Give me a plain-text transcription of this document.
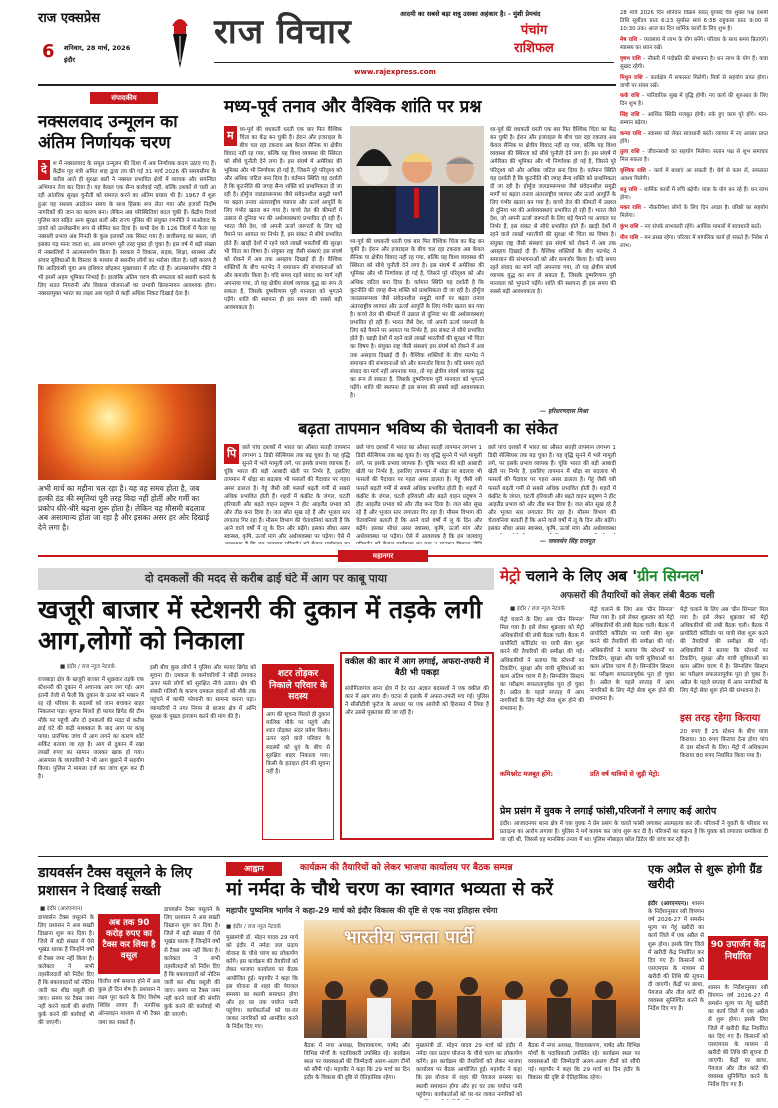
राज एक्सप्रेस
6 शनिवार, 28 मार्च, 2026
इंदौर
राज विचार	आदमी का सबसे बड़ा शत्रु उसका अहंकार है। - मुंशी प्रेमचंद
www.rajexpress.com
पंचांग
राशिफल
28 मार्च 2026 दिन शनिवार विक्रम संवत् युगाब्द चैत्र शुक्ल पक्ष दशमी तिथि सूर्योदय प्रातः 6:23 सूर्यास्त सायं 6:38 राहुकाल प्रातः 9:00 से 10:30 तक। आज का दिन धार्मिक कार्यों के लिए शुभ है।
मेष राशि – व्यवसाय में लाभ के योग बनेंगे। परिवार के साथ समय बिताएंगे। स्वास्थ्य का ध्यान रखें।
वृषभ राशि – नौकरी में पदोन्नति की संभावना है। धन लाभ के योग हैं। यात्रा सुखद रहेगी।
मिथुन राशि – कार्यक्षेत्र में सफलता मिलेगी। मित्रों से सहयोग प्राप्त होगा। वाणी पर संयम रखें।
कर्क राशि – पारिवारिक सुख में वृद्धि होगी। नए कार्य की शुरुआत के लिए दिन शुभ है।
सिंह राशि – आर्थिक स्थिति मजबूत होगी। रुके हुए काम पूरे होंगे। मान-सम्मान बढ़ेगा।
कन्या राशि – स्वास्थ्य को लेकर सावधानी बरतें। व्यापार में नए अवसर प्राप्त होंगे।
तुला राशि – जीवनसाथी का सहयोग मिलेगा। संतान पक्ष से शुभ समाचार मिल सकता है।
वृश्चिक राशि – कार्य में बाधाएं आ सकती हैं। धैर्य से काम लें, सफलता अवश्य मिलेगी।
धनु राशि – धार्मिक कार्यों में रुचि बढ़ेगी। यात्रा के योग बन रहे हैं। धन लाभ होगा।
मकर राशि – नौकरीपेशा लोगों के लिए दिन अच्छा है। वरिष्ठों का सहयोग मिलेगा।
कुंभ राशि – नए संपर्क लाभकारी रहेंगे। आर्थिक मामलों में सावधानी बरतें।
मीन राशि – मन प्रसन्न रहेगा। परिवार में मांगलिक कार्य हो सकते हैं। निवेश से लाभ।
संपादकीय
नक्सलवाद उन्मूलन का अंतिम निर्णायक चरण
दे	श में नक्सलवाद के समूल उन्मूलन की दिशा में अब निर्णायक कदम उठाए गए हैं। केंद्रीय गृह मंत्री अमित शाह द्वारा तय की गई 31 मार्च 2026 की समयसीमा के करीब आते ही सुरक्षा बलों ने नक्सल प्रभावित क्षेत्रों में व्यापक और समन्वित अभियान तेज कर दिया है। यह केवल एक सैन्य कार्रवाई नहीं, बल्कि दशकों से चली आ रही आंतरिक सुरक्षा चुनौती को समाप्त करने का अंतिम प्रयास भी है। 1967 में शुरू हुआ यह सशस्त्र आंदोलन समय के साथ हिंसक रूप लेता गया और हजारों निर्दोष नागरिकों की जान का कारण बना। लेकिन अब परिस्थितियां बदल चुकी हैं। केंद्रीय रिजर्व पुलिस बल सहित अन्य सुरक्षा बलों और राज्य पुलिस की संयुक्त रणनीति ने माओवाद के दायरे को उल्लेखनीय रूप से सीमित कर दिया है। कभी देश के 126 जिलों में फैला यह नक्सली प्रभाव अब गिनती के कुछ इलाकों तक सिमट गया है। छत्तीसगढ़ का बस्तर, जो इसका गढ़ माना जाता था, अब लगभग पूरी तरह मुक्त हो चुका है। इस वर्ष में बड़ी संख्या में नक्सलियों ने आत्मसमर्पण किया है। सरकार ने विकास, सड़क, शिक्षा, स्वास्थ्य और संचार सुविधाओं के विस्तार के माध्यम से स्थानीय लोगों का भरोसा जीता है। यही कारण है कि आदिवासी युवा अब हथियार छोड़कर मुख्यधारा में लौट रहे हैं। आत्मसमर्पण नीति ने भी इसमें अहम भूमिका निभाई है। हालांकि अंतिम चरण की सफलता को स्थायी बनाने के लिए सतत निगरानी और विकास योजनाओं का प्रभावी क्रियान्वयन आवश्यक होगा। नक्सलमुक्त भारत का लक्ष्य अब पहले से कहीं अधिक निकट दिखाई देता है।
अभी मार्च का महीना चल रहा है। यह वह समय होता है, जब हल्की ठंड की स्मृतियां पूरी तरह विदा नहीं होतीं और गर्मी का प्रकोप धीरे-धीरे बढ़ना शुरू होता है। लेकिन यह मौसमी बदलाव अब असामान्य होता जा रहा है और इसका असर हर ओर दिखाई देने लगा है।
मध्य-पूर्व तनाव और वैश्विक शांति पर प्रश्न
म	ध्य-पूर्व की धधकती धरती एक बार फिर वैश्विक चिंता का केंद्र बन चुकी है। ईरान और इजराइल के बीच चल रहा टकराव अब केवल सैनिक या क्षेत्रीय विवाद नहीं रह गया, बल्कि यह विश्व व्यवस्था की स्थिरता को सीधे चुनौती देने लगा है। इस संघर्ष में अमेरिका की भूमिका और भी निर्णायक हो गई है, जिसने पूरे परिदृश्य को और अधिक जटिल बना दिया है। वर्तमान स्थिति यह दर्शाती है कि कूटनीति की जगह सैन्य शक्ति को प्राथमिकता दी जा रही है। होर्मुज जलडमरूमध्य जैसे संवेदनशील समुद्री मार्गों पर बढ़ता तनाव अंतरराष्ट्रीय व्यापार और ऊर्जा आपूर्ति के लिए गंभीर खतरा बन गया है। कच्चे तेल की कीमतों में उछाल से दुनिया भर की अर्थव्यवस्थाएं प्रभावित हो रही हैं। भारत जैसे देश, जो अपनी ऊर्जा जरूरतों के लिए बड़े पैमाने पर आयात पर निर्भर हैं, इस संकट से सीधे प्रभावित होते हैं। खाड़ी देशों में रहने वाले लाखों भारतीयों की सुरक्षा भी चिंता का विषय है। संयुक्त राष्ट्र जैसी संस्थाएं इस संघर्ष को रोकने में अब तक असहाय दिखाई दी हैं। वैश्विक शक्तियों के बीच मतभेद ने समाधान की संभावनाओं को और कमजोर किया है। यदि समय रहते संवाद का मार्ग नहीं अपनाया गया, तो यह क्षेत्रीय संघर्ष व्यापक युद्ध का रूप ले सकता है, जिसके दुष्परिणाम पूरी मानवता को भुगतने पड़ेंगे। शांति की स्थापना ही इस समय की सबसे बड़ी आवश्यकता है।
ध्य-पूर्व की धधकती धरती एक बार फिर वैश्विक चिंता का केंद्र बन चुकी है। ईरान और इजराइल के बीच चल रहा टकराव अब केवल सैनिक या क्षेत्रीय विवाद नहीं रह गया, बल्कि यह विश्व व्यवस्था की स्थिरता को सीधे चुनौती देने लगा है। इस संघर्ष में अमेरिका की भूमिका और भी निर्णायक हो गई है, जिसने पूरे परिदृश्य को और अधिक जटिल बना दिया है। वर्तमान स्थिति यह दर्शाती है कि कूटनीति की जगह सैन्य शक्ति को प्राथमिकता दी जा रही है। होर्मुज जलडमरूमध्य जैसे संवेदनशील समुद्री मार्गों पर बढ़ता तनाव अंतरराष्ट्रीय व्यापार और ऊर्जा आपूर्ति के लिए गंभीर खतरा बन गया है। कच्चे तेल की कीमतों में उछाल से दुनिया भर की अर्थव्यवस्थाएं प्रभावित हो रही हैं। भारत जैसे देश, जो अपनी ऊर्जा जरूरतों के लिए बड़े पैमाने पर आयात पर निर्भर हैं, इस संकट से सीधे प्रभावित होते हैं। खाड़ी देशों में रहने वाले लाखों भारतीयों की सुरक्षा भी चिंता का विषय है। संयुक्त राष्ट्र जैसी संस्थाएं इस संघर्ष को रोकने में अब तक असहाय दिखाई दी हैं। वैश्विक शक्तियों के बीच मतभेद ने समाधान की संभावनाओं को और कमजोर किया है। यदि समय रहते संवाद का मार्ग नहीं अपनाया गया, तो यह क्षेत्रीय संघर्ष व्यापक युद्ध का रूप ले सकता है, जिसके दुष्परिणाम पूरी मानवता को भुगतने पड़ेंगे। शांति की स्थापना ही इस समय की सबसे बड़ी आवश्यकता है।
ध्य-पूर्व की धधकती धरती एक बार फिर वैश्विक चिंता का केंद्र बन चुकी है। ईरान और इजराइल के बीच चल रहा टकराव अब केवल सैनिक या क्षेत्रीय विवाद नहीं रह गया, बल्कि यह विश्व व्यवस्था की स्थिरता को सीधे चुनौती देने लगा है। इस संघर्ष में अमेरिका की भूमिका और भी निर्णायक हो गई है, जिसने पूरे परिदृश्य को और अधिक जटिल बना दिया है। वर्तमान स्थिति यह दर्शाती है कि कूटनीति की जगह सैन्य शक्ति को प्राथमिकता दी जा रही है। होर्मुज जलडमरूमध्य जैसे संवेदनशील समुद्री मार्गों पर बढ़ता तनाव अंतरराष्ट्रीय व्यापार और ऊर्जा आपूर्ति के लिए गंभीर खतरा बन गया है। कच्चे तेल की कीमतों में उछाल से दुनिया भर की अर्थव्यवस्थाएं प्रभावित हो रही हैं। भारत जैसे देश, जो अपनी ऊर्जा जरूरतों के लिए बड़े पैमाने पर आयात पर निर्भर हैं, इस संकट से सीधे प्रभावित होते हैं। खाड़ी देशों में रहने वाले लाखों भारतीयों की सुरक्षा भी चिंता का विषय है। संयुक्त राष्ट्र जैसी संस्थाएं इस संघर्ष को रोकने में अब तक असहाय दिखाई दी हैं। वैश्विक शक्तियों के बीच मतभेद ने समाधान की संभावनाओं को और कमजोर किया है। यदि समय रहते संवाद का मार्ग नहीं अपनाया गया, तो यह क्षेत्रीय संघर्ष व्यापक युद्ध का रूप ले सकता है, जिसके दुष्परिणाम पूरी मानवता को भुगतने पड़ेंगे। शांति की स्थापना ही इस समय की सबसे बड़ी आवश्यकता है।
— हरिशरणदास मिश्रा
बढ़ता तापमान भविष्य की चेतावनी का संकेत
पि	छले पांच दशकों में भारत का औसत सतही तापमान लगभग 1 डिग्री सेल्सियस तक बढ़ चुका है। यह वृद्धि सुनने में भले मामूली लगे, पर इसके प्रभाव व्यापक हैं। चूंकि भारत की बड़ी आबादी खेती पर निर्भर है, इसलिए तापमान में थोड़ा सा बदलाव भी फसलों की पैदावार पर गहरा असर डालता है। गेहूं जैसी रबी फसलें बढ़ती गर्मी से सबसे अधिक प्रभावित होती हैं। शहरों में कंक्रीट के जंगल, घटती हरियाली और बढ़ते वाहन प्रदूषण ने हीट आइलैंड प्रभाव को और तीव्र बना दिया है। जल स्रोत सूख रहे हैं और भूजल स्तर लगातार गिर रहा है। मौसम विभाग की चेतावनियां बताती हैं कि आने वाले वर्षों में लू के दिन और बढ़ेंगे। इसका सीधा असर स्वास्थ्य, कृषि, ऊर्जा मांग और अर्थव्यवस्था पर पड़ेगा। ऐसे में
छले पांच दशकों में भारत का औसत सतही तापमान लगभग 1 डिग्री सेल्सियस तक बढ़ चुका है। यह वृद्धि सुनने में भले मामूली लगे, पर इसके प्रभाव व्यापक हैं। चूंकि भारत की बड़ी आबादी खेती पर निर्भर है, इसलिए तापमान में थोड़ा सा बदलाव भी फसलों की पैदावार पर गहरा असर डालता है। गेहूं जैसी रबी फसलें बढ़ती गर्मी से सबसे अधिक प्रभावित होती हैं। शहरों में कंक्रीट के जंगल, घटती हरियाली और बढ़ते वाहन प्रदूषण ने हीट आइलैंड प्रभाव को और तीव्र बना दिया है। जल स्रोत सूख रहे हैं और भूजल स्तर लगातार गिर रहा है। मौसम विभाग की चेतावनियां बताती हैं कि आने वाले वर्षों में लू के दिन और बढ़ेंगे। इसका सीधा असर स्वास्थ्य, कृषि, ऊर्जा मांग और अर्थव्यवस्था पर पड़ेगा। ऐसे में आवश्यक है कि हम जलवायु
छले पांच दशकों में भारत का औसत सतही तापमान लगभग 1 डिग्री सेल्सियस तक बढ़ चुका है। यह वृद्धि सुनने में भले मामूली लगे, पर इसके प्रभाव व्यापक हैं। चूंकि भारत की बड़ी आबादी खेती पर निर्भर है, इसलिए तापमान में थोड़ा सा बदलाव भी फसलों की पैदावार पर गहरा असर डालता है। गेहूं जैसी रबी फसलें बढ़ती गर्मी से सबसे अधिक प्रभावित होती हैं। शहरों में कंक्रीट के जंगल, घटती हरियाली और बढ़ते वाहन प्रदूषण ने हीट आइलैंड प्रभाव को और तीव्र बना दिया है। जल स्रोत सूख रहे हैं और भूजल स्तर लगातार गिर रहा है। मौसम विभाग की चेतावनियां बताती हैं कि आने वाले वर्षों में लू के दिन और बढ़ेंगे। इसका सीधा असर स्वास्थ्य, कृषि, ऊर्जा मांग और अर्थव्यवस्था
— जयवर्धन सिंह राजपूत
महानगर
दो दमकलों की मदद से करीब ढाई घंटे में आग पर काबू पाया
खजूरी बाजार में स्टेशनरी की दुकान में तड़के लगी आग,लोगों को निकाला
■ इंदौर / राज न्यूज नेटवर्क
राजबाड़ा क्षेत्र के खजूरी बाजार में शुक्रवार तड़के एक स्टेशनरी की दुकान में अचानक आग लग गई। आग इतनी तेजी से फैली कि दुकान के ऊपर बने मकान में रह रहे परिवार के सदस्यों को जान बचाकर बाहर निकलना पड़ा। सूचना मिलते ही फायर ब्रिगेड की टीम मौके पर पहुंची और दो दमकलों की मदद से करीब ढाई घंटे की कड़ी मशक्कत के बाद आग पर काबू पाया। प्रारंभिक जांच में आग लगने का कारण शॉर्ट सर्किट बताया जा रहा है। आग से दुकान में रखा लाखों रुपए का सामान जलकर खाक हो गया। आसपास के व्यापारियों ने भी आग बुझाने में सहयोग किया। पुलिस ने मामला दर्ज कर जांच शुरू कर दी है।
इसी बीच कुछ लोगों ने पुलिस और फायर ब्रिगेड को सूचना दी। दमकल के कर्मचारियों ने सीढ़ी लगाकर ऊपर फंसे लोगों को सुरक्षित नीचे उतारा। क्षेत्र की संकरी गलियों के कारण दमकल वाहनों को मौके तक पहुंचने में काफी परेशानी का सामना करना पड़ा। व्यापारियों ने नगर निगम से बाजार क्षेत्र में अग्नि सुरक्षा के पुख्ता इंतजाम करने की मांग की है।
शटर तोड़कर निकाले परिवार के सदस्य
आग की सूचना मिलते ही दुकान मालिक मौके पर पहुंचे और शटर तोड़कर अंदर प्रवेश किया। ऊपर रहने वाले परिवार के सदस्यों को धुएं के बीच से सुरक्षित बाहर निकाला गया। किसी के हताहत होने की सूचना नहीं है।
वकील की कार में आग लगाई, अफरा-तफरी में बैठी भी पकड़ा
संयोगितागंज थाना क्षेत्र में देर रात अज्ञात बदमाशों ने एक वकील की कार में आग लगा दी। घटना से इलाके में अफरा-तफरी मच गई। पुलिस ने सीसीटीवी फुटेज के आधार पर एक आरोपी को हिरासत में लिया है और उससे पूछताछ की जा रही है।
मेट्रो चलाने के लिए अब 'ग्रीन सिग्नल'
अफसरों की तैयारियों को लेकर लंबी बैठक चली
■ इंदौर / राज न्यूज नेटवर्क
मेट्रो चलाने के लिए अब 'ग्रीन सिग्नल' मिल गया है। इसे लेकर शुक्रवार को मेट्रो अधिकारियों की लंबी बैठक चली। बैठक में प्रायोरिटी कॉरिडोर पर यात्री सेवा शुरू करने की तैयारियों की समीक्षा की गई। अधिकारियों ने बताया कि स्टेशनों पर टिकटिंग, सुरक्षा और यात्री सुविधाओं का काम अंतिम चरण में है। सिग्नलिंग सिस्टम का परीक्षण सफलतापूर्वक पूरा हो चुका है। अप्रैल के पहले सप्ताह में आम नागरिकों के लिए मेट्रो सेवा शुरू होने की संभावना है।
मेट्रो चलाने के लिए अब 'ग्रीन सिग्नल' मिल गया है। इसे लेकर शुक्रवार को मेट्रो अधिकारियों की लंबी बैठक चली। बैठक में प्रायोरिटी कॉरिडोर पर यात्री सेवा शुरू करने की तैयारियों की समीक्षा की गई। अधिकारियों ने बताया कि स्टेशनों पर टिकटिंग, सुरक्षा और यात्री सुविधाओं का काम अंतिम चरण में है। सिग्नलिंग सिस्टम का परीक्षण सफलतापूर्वक पूरा हो चुका है। अप्रैल के पहले सप्ताह में आम नागरिकों के लिए मेट्रो सेवा शुरू होने की संभावना है।
मेट्रो चलाने के लिए अब 'ग्रीन सिग्नल' मिल गया है। इसे लेकर शुक्रवार को मेट्रो अधिकारियों की लंबी बैठक चली। बैठक में प्रायोरिटी कॉरिडोर पर यात्री सेवा शुरू करने की तैयारियों की समीक्षा की गई। अधिकारियों ने बताया कि स्टेशनों पर टिकटिंग, सुरक्षा और यात्री सुविधाओं का काम अंतिम चरण में है। सिग्नलिंग सिस्टम का परीक्षण सफलतापूर्वक पूरा हो चुका है। अप्रैल के पहले सप्ताह में आम नागरिकों के लिए मेट्रो सेवा शुरू होने की संभावना है।
कमिश्नरेट मजबूत होंगे:	प्रति वर्ष यात्रियों से जुड़ी मेट्रो:
इस तरह रहेगा किराया
20 रुपए है 25 स्टेशन के बीच यात्रा किराया। 30 रुपए किराया देना होगा पांच से दस स्टेशनों के लिए। मेट्रो में अधिकतम किराया 80 रुपए निर्धारित किया गया है।
प्रेम प्रसंग में युवक ने लगाई फांसी,परिजनों ने लगाए कई आरोप
इंदौर। आजादनगर थाना क्षेत्र में एक युवक ने प्रेम प्रसंग के चलते फांसी लगाकर आत्महत्या कर ली। परिजनों ने युवती के परिवार पर प्रताड़ना का आरोप लगाया है। पुलिस ने मर्ग कायम कर जांच शुरू कर दी है। परिजनों का कहना है कि युवक को लगातार धमकियां दी जा रही थीं, जिससे वह मानसिक तनाव में था। पुलिस मोबाइल कॉल डिटेल की जांच कर रही है।
डायवर्सन टैक्स वसूलने के लिए प्रशासन ने दिखाई सख्ती
■ इंदौर (आरएनएन)
डायवर्सन टैक्स वसूलने के लिए प्रशासन ने अब सख्ती दिखाना शुरू कर दिया है। जिले में बड़ी संख्या में ऐसे भूखंड धारक हैं जिन्होंने वर्षों से टैक्स जमा नहीं किया है। कलेक्टर ने सभी तहसीलदारों को निर्देश दिए हैं कि बकायादारों को नोटिस जारी कर शीघ्र वसूली की जाए। समय पर टैक्स जमा नहीं करने वालों की संपत्ति कुर्क करने की कार्रवाई भी की जाएगी।
अब तक 90 करोड़ रुपए का टैक्स कर लिया है वसूल
वित्तीय वर्ष समाप्त होने में अब कुछ ही दिन शेष हैं। प्रशासन ने लक्ष्य पूरा करने के लिए विशेष शिविर लगाए हैं। नागरिक ऑनलाइन माध्यम से भी टैक्स जमा कर सकते हैं।
डायवर्सन टैक्स वसूलने के लिए प्रशासन ने अब सख्ती दिखाना शुरू कर दिया है। जिले में बड़ी संख्या में ऐसे भूखंड धारक हैं जिन्होंने वर्षों से टैक्स जमा नहीं किया है। कलेक्टर ने सभी तहसीलदारों को निर्देश दिए हैं कि बकायादारों को नोटिस जारी कर शीघ्र वसूली की जाए। समय पर टैक्स जमा नहीं करने वालों की संपत्ति कुर्क करने की कार्रवाई भी की जाएगी।
आह्वान	कार्यक्रम की तैयारियों को लेकर भाजपा कार्यालय पर बैठक सम्पन्न
मां नर्मदा के चौथे चरण का स्वागत भव्यता से करें
महापौर पुष्यमित्र भार्गव ने कहा-29 मार्च को इंदौर विकास की दृष्टि से एक नया इतिहास रचेगा
■ इंदौर / राज न्यूज नेटवर्क
मुख्यमंत्री डॉ. मोहन यादव 29 मार्च को इंदौर में नर्मदा जल प्रदाय योजना के चौथे चरण का लोकार्पण करेंगे। इस कार्यक्रम की तैयारियों को लेकर भाजपा कार्यालय पर बैठक आयोजित हुई। महापौर ने कहा कि इस योजना से शहर की पेयजल समस्या का स्थायी समाधान होगा और हर घर तक पर्याप्त पानी पहुंचेगा। कार्यकर्ताओं को घर-घर जाकर नागरिकों को आमंत्रित करने के निर्देश दिए गए।
भारतीय जनता पार्टी
बैठक में नगर अध्यक्ष, विधायकगण, पार्षद और विभिन्न मोर्चों के पदाधिकारी उपस्थित रहे। कार्यक्रम स्थल पर व्यवस्थाओं की जिम्मेदारी अलग-अलग टीमों को सौंपी गई। महापौर ने कहा कि 29 मार्च का दिन इंदौर के विकास की दृष्टि से ऐतिहासिक रहेगा।
मुख्यमंत्री डॉ. मोहन यादव 29 मार्च को इंदौर में नर्मदा जल प्रदाय योजना के चौथे चरण का लोकार्पण करेंगे। इस कार्यक्रम की तैयारियों को लेकर भाजपा कार्यालय पर बैठक आयोजित हुई। महापौर ने कहा कि इस योजना से शहर की पेयजल समस्या का स्थायी समाधान होगा और हर घर तक पर्याप्त पानी पहुंचेगा। कार्यकर्ताओं को घर-घर जाकर नागरिकों को
बैठक में नगर अध्यक्ष, विधायकगण, पार्षद और विभिन्न मोर्चों के पदाधिकारी उपस्थित रहे। कार्यक्रम स्थल पर व्यवस्थाओं की जिम्मेदारी अलग-अलग टीमों को सौंपी गई। महापौर ने कहा कि 29 मार्च का दिन इंदौर के विकास की दृष्टि से ऐतिहासिक रहेगा।
एक अप्रैल से शुरू होगी ग्रैंड खरीदी
इंदौर (आरएनएन)। शासन के निर्देशानुसार रबी विपणन वर्ष 2026-27 में समर्थन मूल्य पर गेहूं खरीदी का कार्य जिले में एक अप्रैल से शुरू होगा। इसके लिए जिले में खरीदी केंद्र निर्धारित कर दिए गए हैं। किसानों को एसएमएस के माध्यम से खरीदी की तिथि की सूचना दी जाएगी। केंद्रों पर छाया, पेयजल और तौल कांटे की व्यवस्था सुनिश्चित करने के निर्देश दिए गए हैं।
90 उपार्जन केंद्र निर्धारित
शासन के निर्देशानुसार रबी विपणन वर्ष 2026-27 में समर्थन मूल्य पर गेहूं खरीदी का कार्य जिले में एक अप्रैल से शुरू होगा। इसके लिए जिले में खरीदी केंद्र निर्धारित कर दिए गए हैं। किसानों को एसएमएस के माध्यम से खरीदी की तिथि की सूचना दी जाएगी। केंद्रों पर छाया, पेयजल और तौल कांटे की व्यवस्था सुनिश्चित करने के निर्देश दिए गए हैं।
